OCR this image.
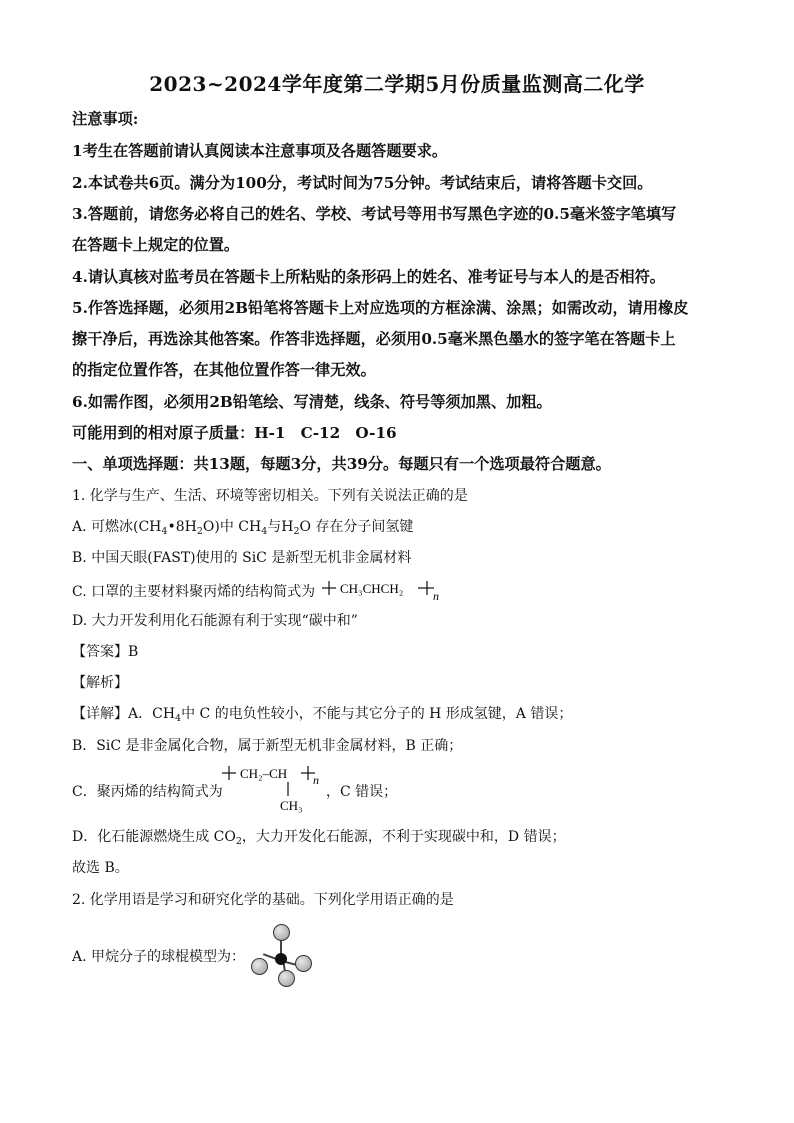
2023~2024学年度第二学期5月份质量监测高二化学
注意事项:
1考生在答题前请认真阅读本注意事项及各题答题要求。
2.本试卷共6页。满分为100分，考试时间为75分钟。考试结束后，请将答题卡交回。
3.答题前，请您务必将自己的姓名、学校、考试号等用书写黑色字迹的0.5毫米签字笔填写
在答题卡上规定的位置。
4.请认真核对监考员在答题卡上所粘贴的条形码上的姓名、准考证号与本人的是否相符。
5.作答选择题，必须用2B铅笔将答题卡上对应选项的方框涂满、涂黑；如需改动，请用橡皮
擦干净后，再选涂其他答案。作答非选择题，必须用0.5毫米黑色墨水的签字笔在答题卡上
的指定位置作答，在其他位置作答一律无效。
6.如需作图，必须用2B铅笔绘、写清楚，线条、符号等须加黑、加粗。
可能用到的相对原子质量：H-1　C-12　O-16
一、单项选择题：共13题，每题3分，共39分。每题只有一个选项最符合题意。
1. 化学与生产、生活、环境等密切相关。下列有关说法正确的是
A. 可燃冰$(CH_4•8H_2O)$中 $CH_4$与$H_2O$ 存在分子间氢键
B. 中国天眼(FAST)使用的 SiC 是新型无机非金属材料
C. 口罩的主要材料聚丙烯的结构简式为 CH₃CHCH₂ n
D. 大力开发利用化石能源有利于实现“碳中和”
【答案】B
【解析】
【详解】A．$CH_4$中 C 的电负性较小，不能与其它分子的 H 形成氢键，A 错误；
B．SiC 是非金属化合物，属于新型无机非金属材料，B 正确；
C．聚丙烯的结构简式为
CH₂–CH n
CH₃
，C 错误；
D．化石能源燃烧生成 $CO_2$，大力开发化石能源，不利于实现碳中和，D 错误；
故选 B。
2. 化学用语是学习和研究化学的基础。下列化学用语正确的是
A. 甲烷分子的球棍模型为：
